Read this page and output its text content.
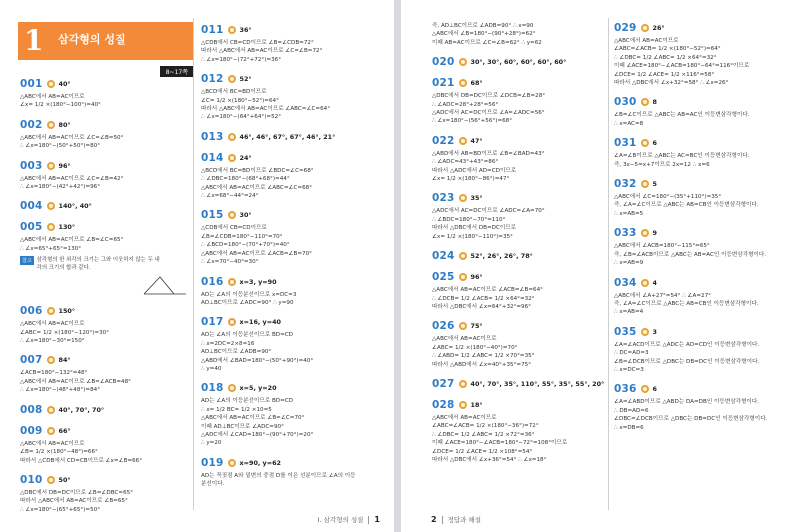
1 삼각형의 성질
8~17쪽
001	40°
△ABC에서 AB=AC이므로
∠x= 1/2 ×(180°−100°)=40°
002	80°
△ABC에서 AB=AC이므로 ∠C=∠B=50°
∴ ∠x=180°−(50°+50°)=80°
003	96°
△ABC에서 AB=AC이므로 ∠C=∠B=42°
∴ ∠x=180°−(42°+42°)=96°
004	140°, 40°
005	130°
△ABC에서 AB=AC이므로 ∠B=∠C=65°
∴ ∠x=65°+65°=130°
참고 삼각형의 한 외각의 크기는 그와 이웃하지 않는 두 내각의 크기의 합과 같다.
006	150°
△ABC에서 AB=AC이므로
∠ABC= 1/2 ×(180°−120°)=30°
∴ ∠x=180°−30°=150°
007	84°
∠ACB=180°−132°=48°
△ABC에서 AB=AC이므로 ∠B=∠ACB=48°
∴ ∠x=180°−(48°+48°)=84°
008	40°, 70°, 70°
009	66°
△ABC에서 AB=AC이므로
∠B= 1/2 ×(180°−48°)=66°
따라서 △CDB에서 CD=CB이므로 ∠x=∠B=66°
010	50°
△DBC에서 DB=DC이므로 ∠B=∠DBC=65°
따라서 △ABC에서 AB=AC이므로 ∠B=65°
∴ ∠x=180°−(65°+65°)=50°
011	36°
△CDB에서 CB=CD이므로 ∠B=∠CDB=72°
따라서 △ABC에서 AB=AC이므로 ∠C=∠B=72°
∴ ∠x=180°−(72°+72°)=36°
012	52°
△BCD에서 BC=BD이므로
∠C= 1/2 ×(180°−52°)=64°
따라서 △ABC에서 AB=AC이므로 ∠ABC=∠C=64°
∴ ∠x=180°−(64°+64°)=52°
013	46°, 46°, 67°, 67°, 46°, 21°
014	24°
△BCD에서 BC=BD이므로 ∠BDC=∠C=68°
∴ ∠DBC=180°−(68°+68°)=44°
△ABC에서 AB=AC이므로 ∠ABC=∠C=68°
∴ ∠x=68°−44°=24°
015	30°
△CDB에서 CB=CD이므로
∠B=∠CDB=180°−110°=70°
∴ ∠BCD=180°−(70°+70°)=40°
△ABC에서 AB=AC이므로 ∠ACB=∠B=70°
∴ ∠x=70°−40°=30°
016	x=3, y=90
AD는 ∠A의 이등분선이므로 x=DC=3
AD⊥BC이므로 ∠ADC=90° ∴ y=90
017	x=16, y=40
AD는 ∠A의 이등분선이므로 BD=CD
∴ x=2DC=2×8=16
AD⊥BC이므로 ∠ADB=90°
△ABD에서 ∠BAD=180°−(50°+90°)=40°
∴ y=40
018	x=5, y=20
AD는 ∠A의 이등분선이므로 BD=CD
∴ x= 1/2 BC= 1/2 ×10=5
△ABC에서 AB=AC이므로 ∠B=∠C=70°
이때 AD⊥BC이므로 ∠ADC=90°
△ADC에서 ∠CAD=180°−(90°+70°)=20°
∴ y=20
019	x=90, y=62
AD는 꼭짓점 A와 밑변의 중점 D를 이은 선분이므로 ∠A의 이등
분선이다.
I. 삼각형의 성질 1
즉, AD⊥BC이므로 ∠ADB=90° ∴ x=90
△ABC에서 ∠B=180°−(90°+28°)=62°
이때 AB=AC이므로 ∠C=∠B=62° ∴ y=62
020	30°, 30°, 60°, 60°, 60°, 60°
021	68°
△DBC에서 DB=DC이므로 ∠DCB=∠B=28°
∴ ∠ADC=28°+28°=56°
△ADC에서 AC=DC이므로 ∠A=∠ADC=56°
∴ ∠x=180°−(56°+56°)=68°
022	47°
△ABD에서 AB=BD이므로 ∠B=∠BAD=43°
∴ ∠ADC=43°+43°=86°
따라서 △ADC에서 AD=CD이므로
∠x= 1/2 ×(180°−86°)=47°
023	35°
△ADC에서 AC=DC이므로 ∠ADC=∠A=70°
∴ ∠BDC=180°−70°=110°
따라서 △DBC에서 DB=DC이므로
∠x= 1/2 ×(180°−110°)=35°
024	52°, 26°, 26°, 78°
025	96°
△ABC에서 AB=AC이므로 ∠ACB=∠B=64°
∴ ∠DCB= 1/2 ∠ACB= 1/2 ×64°=32°
따라서 △DBC에서 ∠x=64°+32°=96°
026	75°
△ABC에서 AB=AC이므로
∠ABC= 1/2 ×(180°−40°)=70°
∴ ∠ABD= 1/2 ∠ABC= 1/2 ×70°=35°
따라서 △ABD에서 ∠x=40°+35°=75°
027	40°, 70°, 35°, 110°, 55°, 35°, 55°, 20°
028	18°
△ABC에서 AB=AC이므로
∠ABC=∠ACB= 1/2 ×(180°−36°)=72°
∴ ∠DBC= 1/2 ∠ABC= 1/2 ×72°=36°
이때 ∠ACE=180°−∠ACB=180°−72°=108°이므로
∠DCE= 1/2 ∠ACE= 1/2 ×108°=54°
따라서 △DBC에서 ∠x+36°=54° ∴ ∠x=18°
029	26°
△ABC에서 AB=AC이므로
∠ABC=∠ACB= 1/2 ×(180°−52°)=64°
∴ ∠DBC= 1/2 ∠ABC= 1/2 ×64°=32°
이때 ∠ACE=180°−∠ACB=180°−64°=116°이므로
∠DCE= 1/2 ∠ACE= 1/2 ×116°=58°
따라서 △DBC에서 ∠x+32°=58° ∴ ∠x=26°
030	8
∠B=∠C이므로 △ABC는 AB=AC인 이등변삼각형이다.
∴ x=AC=8
031	6
∠A=∠B이므로 △ABC는 AC=BC인 이등변삼각형이다.
즉, 3x−5=x+7이므로 2x=12 ∴ x=6
032	5
△ABC에서 ∠C=180°−(35°+110°)=35°
즉, ∠A=∠C이므로 △ABC는 AB=CB인 이등변삼각형이다.
∴ x=AB=5
033	9
△ABC에서 ∠ACB=180°−115°=65°
즉, ∠B=∠ACB이므로 △ABC는 AB=AC인 이등변삼각형이다.
∴ x=AB=9
034	4
△ABC에서 ∠A+27°=54° ∴ ∠A=27°
즉, ∠A=∠C이므로 △ABC는 AB=CB인 이등변삼각형이다.
∴ x=AB=4
035	3
∠A=∠ACD이므로 △ADC는 AD=CD인 이등변삼각형이다.
∴ DC=AD=3
∠B=∠DCB이므로 △DBC는 DB=DC인 이등변삼각형이다.
∴ x=DC=3
036	6
∠A=∠ABD이므로 △ABD는 DA=DB인 이등변삼각형이다.
∴ DB=AD=6
∠DBC=∠DCB이므로 △DBC는 DB=DC인 이등변삼각형이다.
∴ x=DB=6
2 정답과 해설
